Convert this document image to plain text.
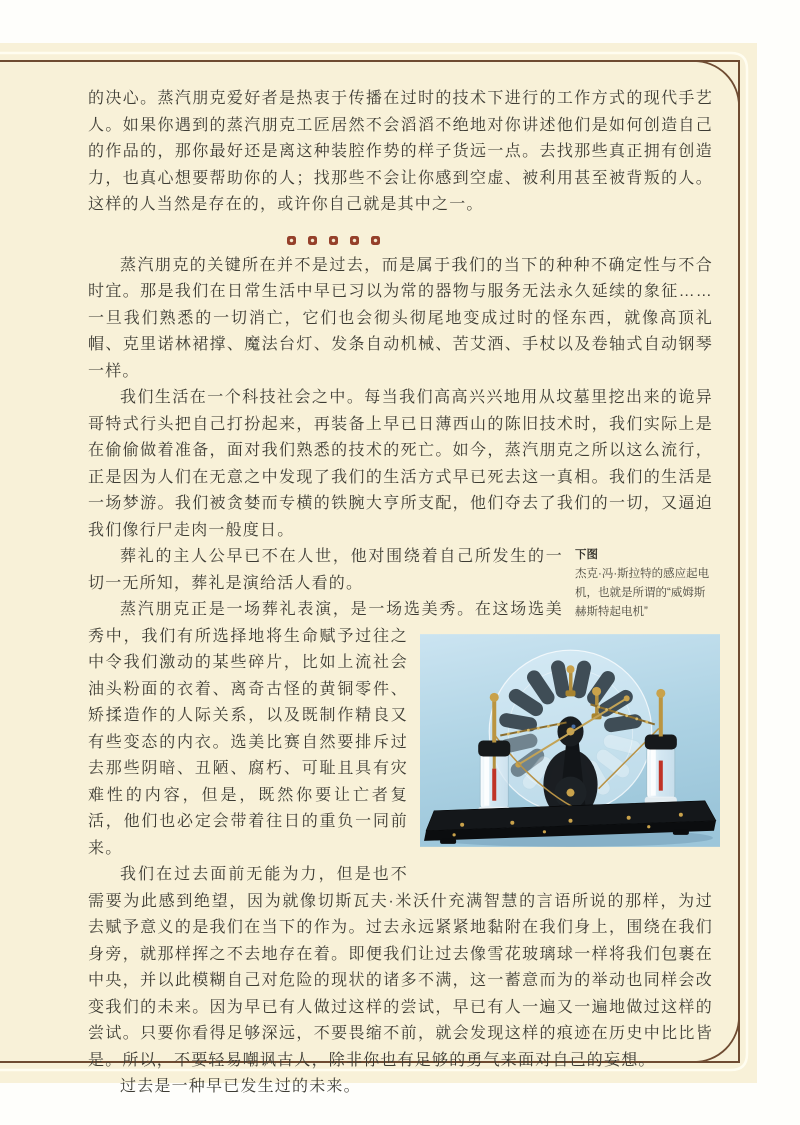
的决心。蒸汽朋克爱好者是热衷于传播在过时的技术下进行的工作方式的现代手艺人。如果你遇到的蒸汽朋克工匠居然不会滔滔不绝地对你讲述他们是如何创造自己的作品的，那你最好还是离这种装腔作势的样子货远一点。去找那些真正拥有创造力，也真心想要帮助你的人；找那些不会让你感到空虚、被利用甚至被背叛的人。这样的人当然是存在的，或许你自己就是其中之一。

蒸汽朋克的关键所在并不是过去，而是属于我们的当下的种种不确定性与不合时宜。那是我们在日常生活中早已习以为常的器物与服务无法永久延续的象征……一旦我们熟悉的一切消亡，它们也会彻头彻尾地变成过时的怪东西，就像高顶礼帽、克里诺林裙撑、魔法台灯、发条自动机械、苦艾酒、手杖以及卷轴式自动钢琴一样。

我们生活在一个科技社会之中。每当我们高高兴兴地用从坟墓里挖出来的诡异哥特式行头把自己打扮起来，再装备上早已日薄西山的陈旧技术时，我们实际上是在偷偷做着准备，面对我们熟悉的技术的死亡。如今，蒸汽朋克之所以这么流行，正是因为人们在无意之中发现了我们的生活方式早已死去这一真相。我们的生活是一场梦游。我们被贪婪而专横的铁腕大亨所支配，他们夺去了我们的一切，又逼迫我们像行尸走肉一般度日。

下图
杰克·冯·斯拉特的感应起电机，也就是所谓的“威姆斯赫斯特起电机”

葬礼的主人公早已不在人世，他对围绕着自己所发生的一切一无所知，葬礼是演给活人看的。

蒸汽朋克正是一场葬礼表演，是一场选美秀。在这场选美秀中，我们有所选择地将生命赋予过往之中令我们激动的某些碎片，比如上流社会油头粉面的衣着、离奇古怪的黄铜零件、矫揉造作的人际关系，以及既制作精良又有些变态的内衣。选美比赛自然要排斥过去那些阴暗、丑陋、腐朽、可耻且具有灾难性的内容，但是，既然你要让亡者复活，他们也必定会带着往日的重负一同前来。

我们在过去面前无能为力，但是也不需要为此感到绝望，因为就像切斯瓦夫·米沃什充满智慧的言语所说的那样，为过去赋予意义的是我们在当下的作为。过去永远紧紧地黏附在我们身上，围绕在我们身旁，就那样挥之不去地存在着。即便我们让过去像雪花玻璃球一样将我们包裹在中央，并以此模糊自己对危险的现状的诸多不满，这一蓄意而为的举动也同样会改变我们的未来。因为早已有人做过这样的尝试，早已有人一遍又一遍地做过这样的尝试。只要你看得足够深远，不要畏缩不前，就会发现这样的痕迹在历史中比比皆是。所以，不要轻易嘲讽古人，除非你也有足够的勇气来面对自己的妄想。

过去是一种早已发生过的未来。
